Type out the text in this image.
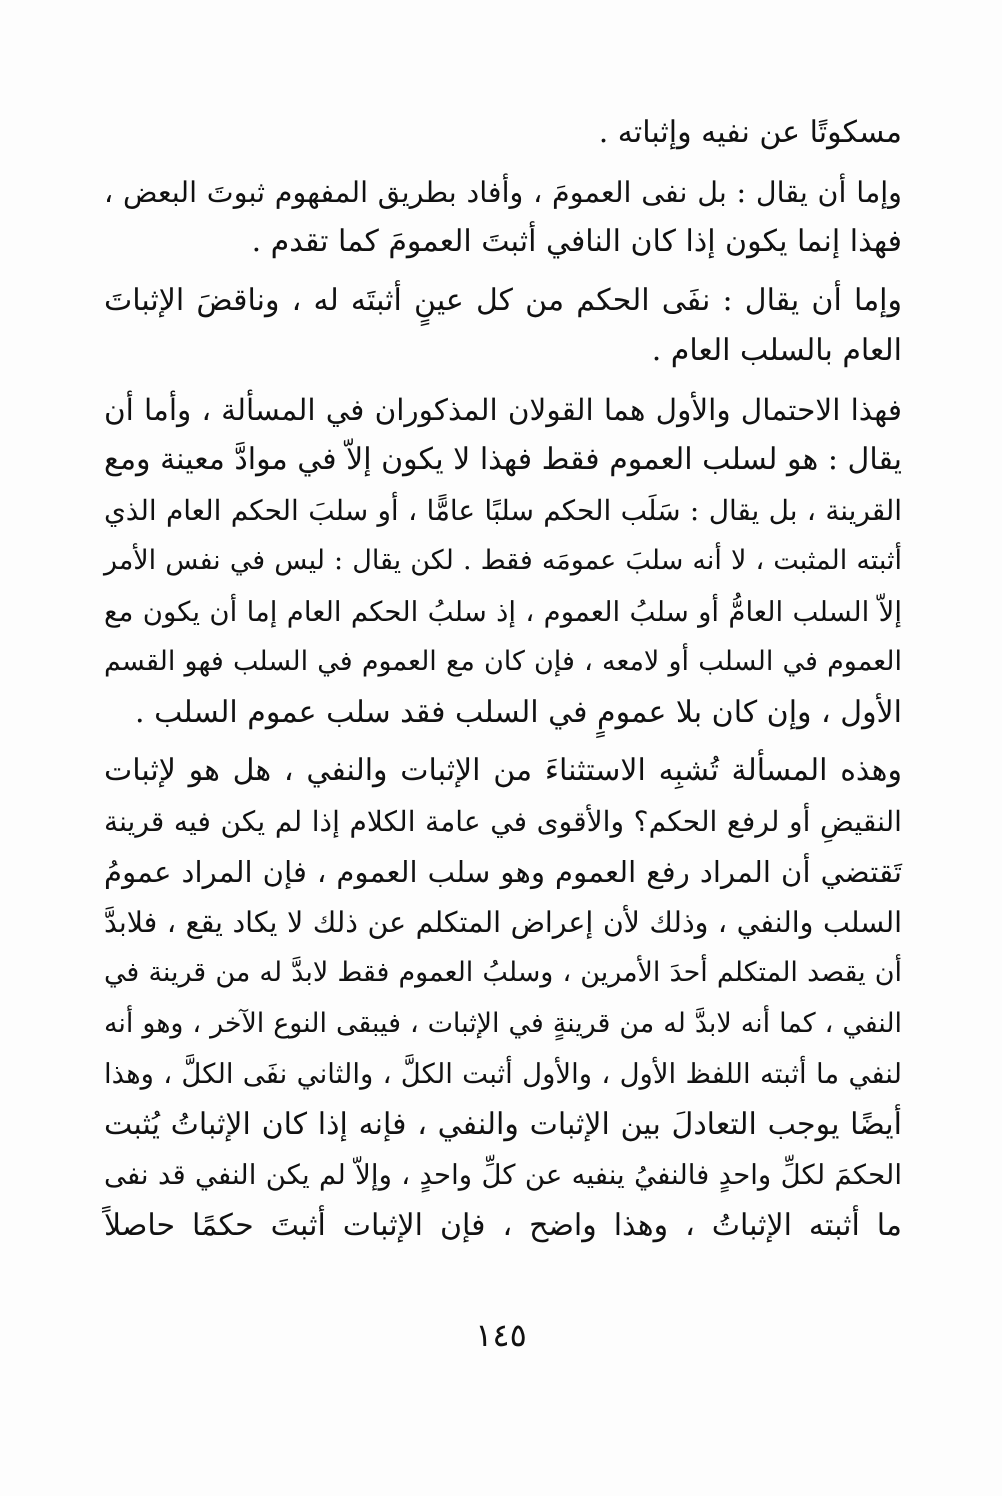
مسكوتًا عن نفيه وإثباته .
وإما أن يقال : بل نفى العمومَ ، وأفاد بطريق المفهوم ثبوتَ البعض ،
فهذا إنما يكون إذا كان النافي أثبتَ العمومَ كما تقدم .
وإما أن يقال : نفَى الحكم من كل عينٍ أثبتَه له ، وناقضَ الإثباتَ
العام بالسلب العام .
فهذا الاحتمال والأول هما القولان المذكوران في المسألة ، وأما أن
يقال : هو لسلب العموم فقط فهذا لا يكون إلاّ في موادَّ معينة ومع
القرينة ، بل يقال : سَلَب الحكم سلبًا عامًّا ، أو سلبَ الحكم العام الذي
أثبته المثبت ، لا أنه سلبَ عمومَه فقط . لكن يقال : ليس في نفس الأمر
إلاّ السلب العامُّ أو سلبُ العموم ، إذ سلبُ الحكم العام إما أن يكون مع
العموم في السلب أو لامعه ، فإن كان مع العموم في السلب فهو القسم
الأول ، وإن كان بلا عمومٍ في السلب فقد سلب عموم السلب .
وهذه المسألة تُشبِه الاستثناءَ من الإثبات والنفي ، هل هو لإثبات
النقيضِ أو لرفع الحكم؟ والأقوى في عامة الكلام إذا لم يكن فيه قرينة
تَقتضي أن المراد رفع العموم وهو سلب العموم ، فإن المراد عمومُ
السلب والنفي ، وذلك لأن إعراض المتكلم عن ذلك لا يكاد يقع ، فلابدَّ
أن يقصد المتكلم أحدَ الأمرين ، وسلبُ العموم فقط لابدَّ له من قرينة في
النفي ، كما أنه لابدَّ له من قرينةٍ في الإثبات ، فيبقى النوع الآخر ، وهو أنه
لنفي ما أثبته اللفظ الأول ، والأول أثبت الكلَّ ، والثاني نفَى الكلَّ ، وهذا
أيضًا يوجب التعادلَ بين الإثبات والنفي ، فإنه إذا كان الإثباتُ يُثبت
الحكمَ لكلِّ واحدٍ فالنفيُ ينفيه عن كلِّ واحدٍ ، وإلاّ لم يكن النفي قد نفى
ما أثبته الإثباتُ ، وهذا واضح ، فإن الإثبات أثبتَ حكمًا حاصلاً
١٤٥
